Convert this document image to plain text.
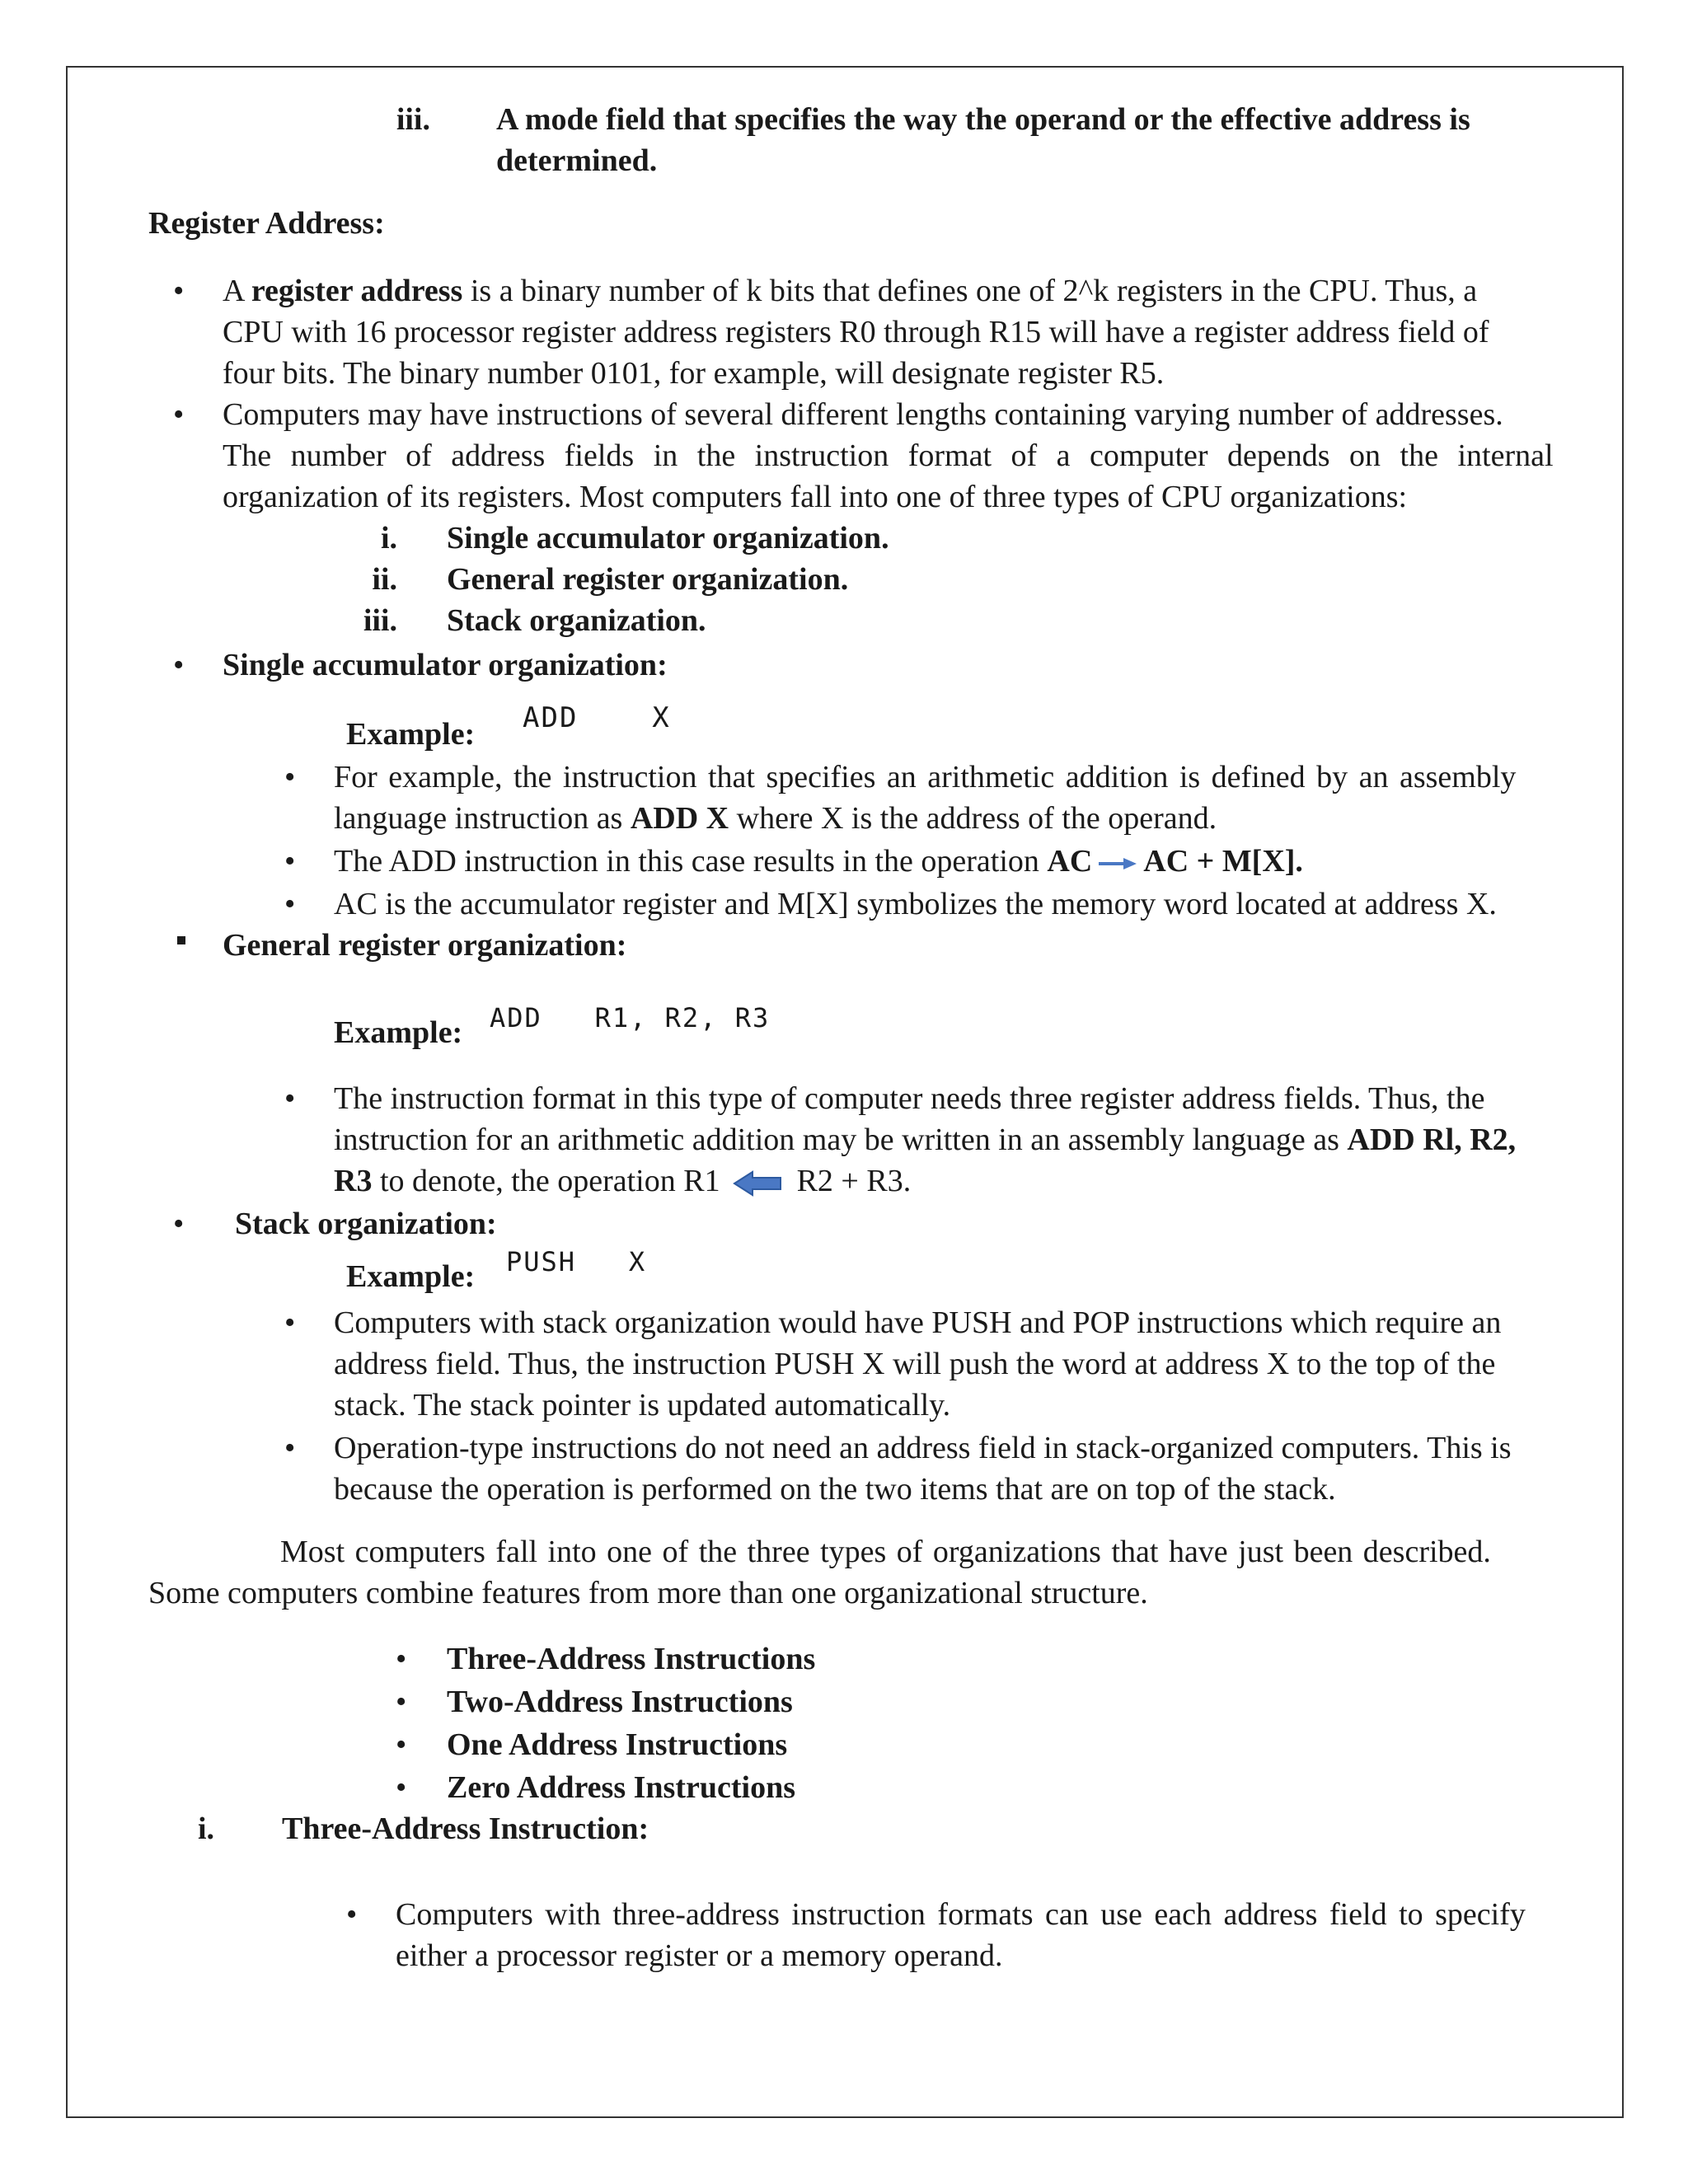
iii. A mode field that specifies the way the operand or the effective address is
determined.
Register Address:
• A register address is a binary number of k bits that defines one of 2^k registers in the CPU. Thus, a
CPU with 16 processor register address registers R0 through R15 will have a register address field of
four bits. The binary number 0101, for example, will designate register R5.
• Computers may have instructions of several different lengths containing varying number of addresses.
The number of address fields in the instruction format of a computer depends on the internal
organization of its registers. Most computers fall into one of three types of CPU organizations:
i. Single accumulator organization.
ii. General register organization.
iii. Stack organization.
• Single accumulator organization:
Example: ADD    X
• For example, the instruction that specifies an arithmetic addition is defined by an assembly
language instruction as ADD X where X is the address of the operand.
• The ADD instruction in this case results in the operation AC AC + M[X].
• AC is the accumulator register and M[X] symbolizes the memory word located at address X.
General register organization:
Example: ADD   R1, R2, R3
• The instruction format in this type of computer needs three register address fields. Thus, the
instruction for an arithmetic addition may be written in an assembly language as ADD Rl, R2,
R3 to denote, the operation R1  R2 + R3.
• Stack organization:
Example: PUSH   X
• Computers with stack organization would have PUSH and POP instructions which require an
address field. Thus, the instruction PUSH X will push the word at address X to the top of the
stack. The stack pointer is updated automatically.
• Operation-type instructions do not need an address field in stack-organized computers. This is
because the operation is performed on the two items that are on top of the stack.
Most computers fall into one of the three types of organizations that have just been described.
Some computers combine features from more than one organizational structure.
• Three-Address Instructions
• Two-Address Instructions
• One Address Instructions
• Zero Address Instructions
i. Three-Address Instruction:
• Computers with three-address instruction formats can use each address field to specify
either a processor register or a memory operand.
